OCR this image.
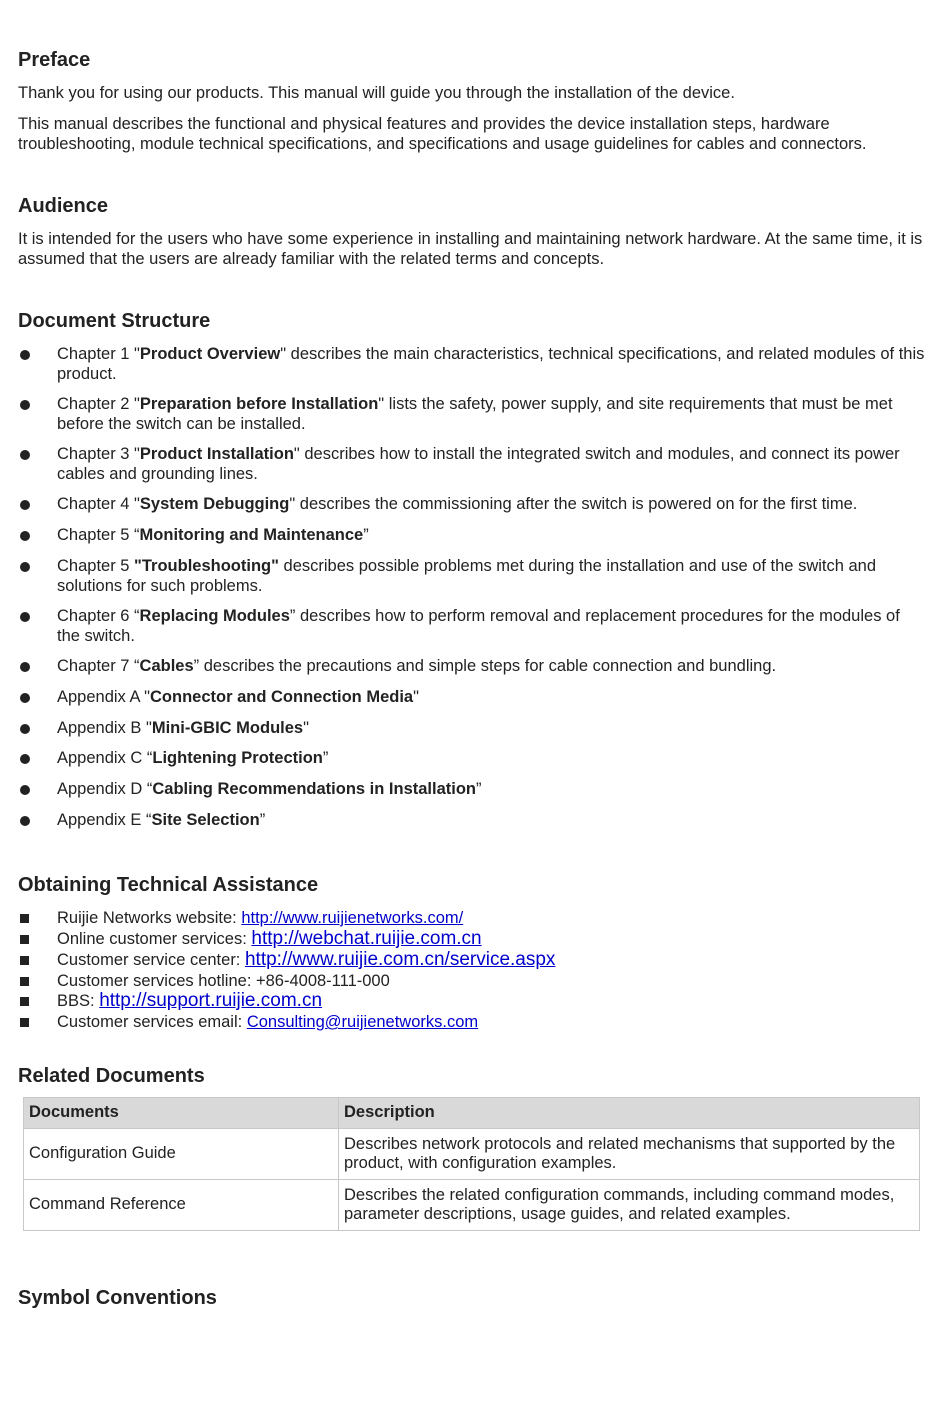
Preface

Thank you for using our products. This manual will guide you through the installation of the device.

This manual describes the functional and physical features and provides the device installation steps, hardware troubleshooting, module technical specifications, and specifications and usage guidelines for cables and connectors.

Audience

It is intended for the users who have some experience in installing and maintaining network hardware. At the same time, it is assumed that the users are already familiar with the related terms and concepts.

Document Structure
Chapter 1 "Product Overview" describes the main characteristics, technical specifications, and related modules of this product.
Chapter 2 "Preparation before Installation" lists the safety, power supply, and site requirements that must be met before the switch can be installed.
Chapter 3 "Product Installation" describes how to install the integrated switch and modules, and connect its power cables and grounding lines.
Chapter 4 "System Debugging" describes the commissioning after the switch is powered on for the first time.
Chapter 5 “Monitoring and Maintenance”
Chapter 5 "Troubleshooting" describes possible problems met during the installation and use of the switch and solutions for such problems.
Chapter 6 “Replacing Modules” describes how to perform removal and replacement procedures for the modules of the switch.
Chapter 7 “Cables” describes the precautions and simple steps for cable connection and bundling.
Appendix A "Connector and Connection Media"
Appendix B "Mini-GBIC Modules"
Appendix C “Lightening Protection”
Appendix D “Cabling Recommendations in Installation”
Appendix E “Site Selection”
Obtaining Technical Assistance
Ruijie Networks website: http://www.ruijienetworks.com/
Online customer services: http://webchat.ruijie.com.cn
Customer service center: http://www.ruijie.com.cn/service.aspx
Customer services hotline: +86-4008-111-000
BBS: http://support.ruijie.com.cn
Customer services email: Consulting@ruijienetworks.com
Related Documents
Documents	Description
Configuration Guide	Describes network protocols and related mechanisms that supported by the product, with configuration examples.
Command Reference	Describes the related configuration commands, including command modes, parameter descriptions, usage guides, and related examples.
Symbol Conventions
